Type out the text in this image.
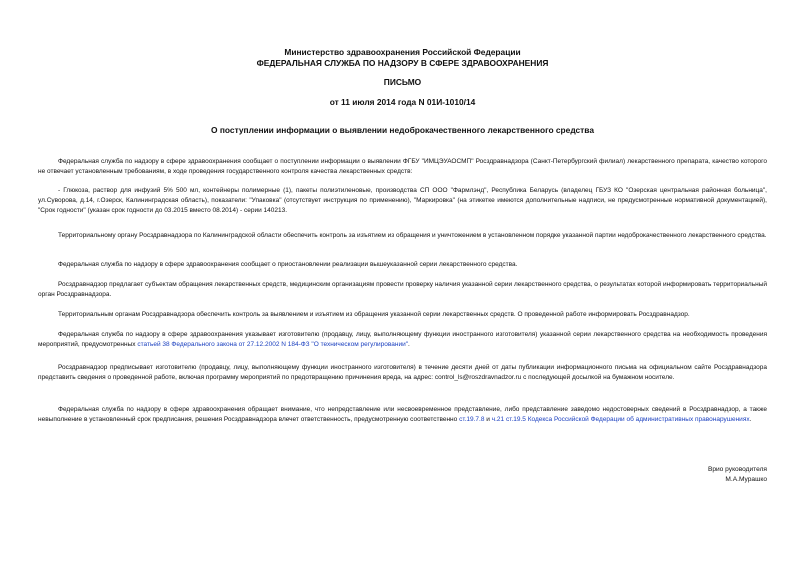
Министерство здравоохранения Российской Федерации
ФЕДЕРАЛЬНАЯ СЛУЖБА ПО НАДЗОРУ В СФЕРЕ ЗДРАВООХРАНЕНИЯ
ПИСЬМО
от 11 июля 2014 года N 01И-1010/14
О поступлении информации о выявлении недоброкачественного лекарственного средства

Федеральная служба по надзору в сфере здравоохранения сообщает о поступлении информации о выявлении ФГБУ "ИМЦЭУАОСМП" Росздравнадзора (Санкт-Петербургский филиал) лекарственного препарата, качество которого не отвечает установленным требованиям, в ходе проведения государственного контроля качества лекарственных средств:

- Глюкоза, раствор для инфузий 5% 500 мл, контейнеры полимерные (1), пакеты полиэтиленовые, производства СП ООО "Фармлэнд", Республика Беларусь (владелец ГБУЗ КО "Озерская центральная районная больница", ул.Суворова, д.14, г.Озерск, Калининградская область), показатели: "Упаковка" (отсутствует инструкция по применению), "Маркировка" (на этикетке имеются дополнительные надписи, не предусмотренные нормативной документацией), "Срок годности" (указан срок годности до 03.2015 вместо 08.2014) - серии 140213.

Территориальному органу Росздравнадзора по Калининградской области обеспечить контроль за изъятием из обращения и уничтожением в установленном порядке указанной партии недоброкачественного лекарственного средства.

Федеральная служба по надзору в сфере здравоохранения сообщает о приостановлении реализации вышеуказанной серии лекарственного средства.

Росздравнадзор предлагает субъектам обращения лекарственных средств, медицинским организациям провести проверку наличия указанной серии лекарственного средства, о результатах которой информировать территориальный орган Росздравнадзора.

Территориальным органам Росздравнадзора обеспечить контроль за выявлением и изъятием из обращения указанной серии лекарственных средств. О проведенной работе информировать Росздравнадзор.

Федеральная служба по надзору в сфере здравоохранения указывает изготовителю (продавцу, лицу, выполняющему функции иностранного изготовителя) указанной серии лекарственного средства на необходимость проведения мероприятий, предусмотренных статьей 38 Федерального закона от 27.12.2002 N 184-ФЗ "О техническом регулировании".

Росздравнадзор предписывает изготовителю (продавцу, лицу, выполняющему функции иностранного изготовителя) в течение десяти дней от даты публикации информационного письма на официальном сайте Росздравнадзора представить сведения о проведенной работе, включая программу мероприятий по предотвращению причинения вреда, на адрес: control_ls@roszdravnadzor.ru с последующей досылкой на бумажном носителе.

Федеральная служба по надзору в сфере здравоохранения обращает внимание, что непредставление или несвоевременное представление, либо представление заведомо недостоверных сведений в Росздравнадзор, а также невыполнение в установленный срок предписания, решения Росздравнадзора влечет ответственность, предусмотренную соответственно ст.19.7.8 и ч.21 ст.19.5 Кодекса Российской Федерации об административных правонарушениях.

Врио руководителя
М.А.Мурашко
